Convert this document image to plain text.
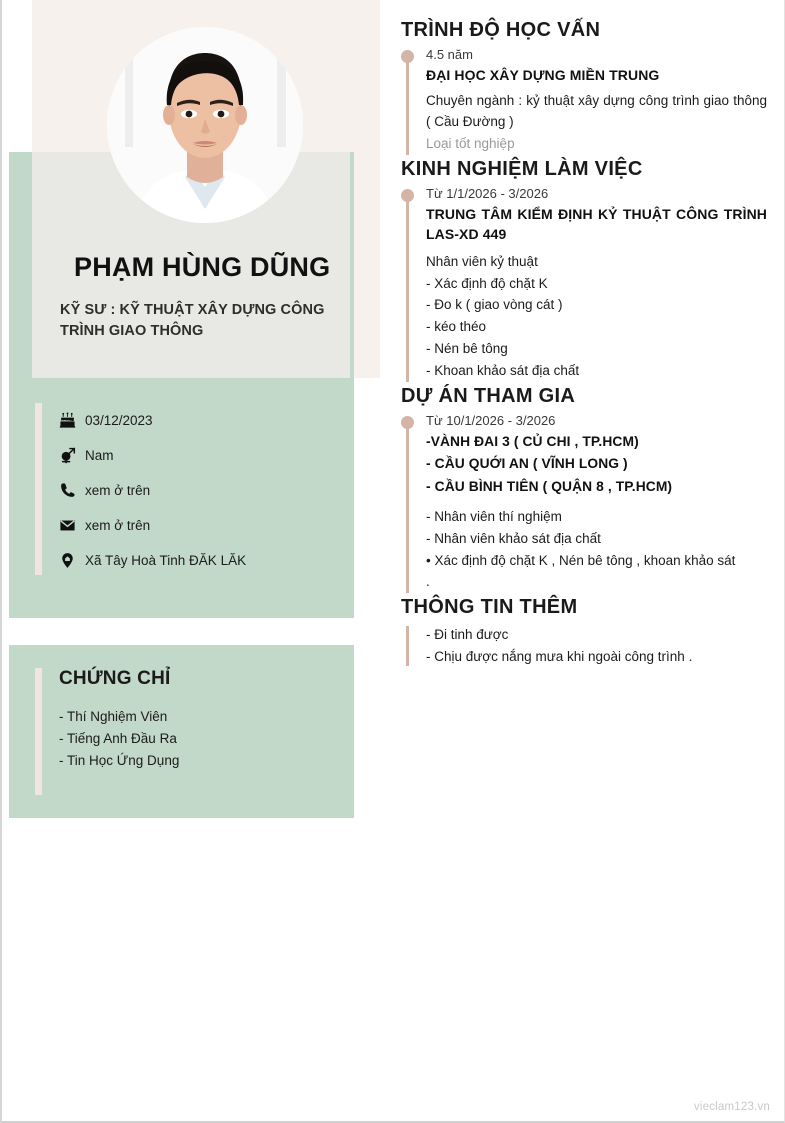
PHẠM HÙNG DŨNG
KỸ SƯ : KỸ THUẬT XÂY DỰNG CÔNG TRÌNH GIAO THÔNG
03/12/2023
Nam
xem ở trên
xem ở trên
Xã Tây Hoà Tinh ĐĂK LĂK
CHỨNG CHỈ
- Thí Nghiệm Viên
- Tiếng Anh Đầu Ra
- Tin Học Ứng Dụng
TRÌNH ĐỘ HỌC VẤN
4.5 năm
ĐẠI HỌC XÂY DỰNG MIỀN TRUNG
Chuyên ngành : kỷ thuật xây dựng công trình giao thông ( Cầu Đường )
Loại tốt nghiệp
KINH NGHIỆM LÀM VIỆC
Từ 1/1/2026 - 3/2026
TRUNG TÂM KIỂM ĐỊNH KỶ THUẬT CÔNG TRÌNH LAS-XD 449
Nhân viên kỷ thuật
- Xác định độ chặt K
- Đo k ( giao vòng cát )
- kéo théo
- Nén bê tông
- Khoan khảo sát địa chất
DỰ ÁN THAM GIA
Từ 10/1/2026 - 3/2026
-VÀNH ĐAI 3 ( CỦ CHI , TP.HCM)
- CẦU QUỚI AN ( VĨNH LONG )
- CẦU BÌNH TIÊN ( QUẬN 8 , TP.HCM)
- Nhân viên thí nghiệm
- Nhân viên khảo sát địa chất
• Xác định độ chặt K , Nén bê tông , khoan khảo sát
.
THÔNG TIN THÊM
- Đi tinh được
- Chịu được nắng mưa khi ngoài công trình .
vieclam123.vn
